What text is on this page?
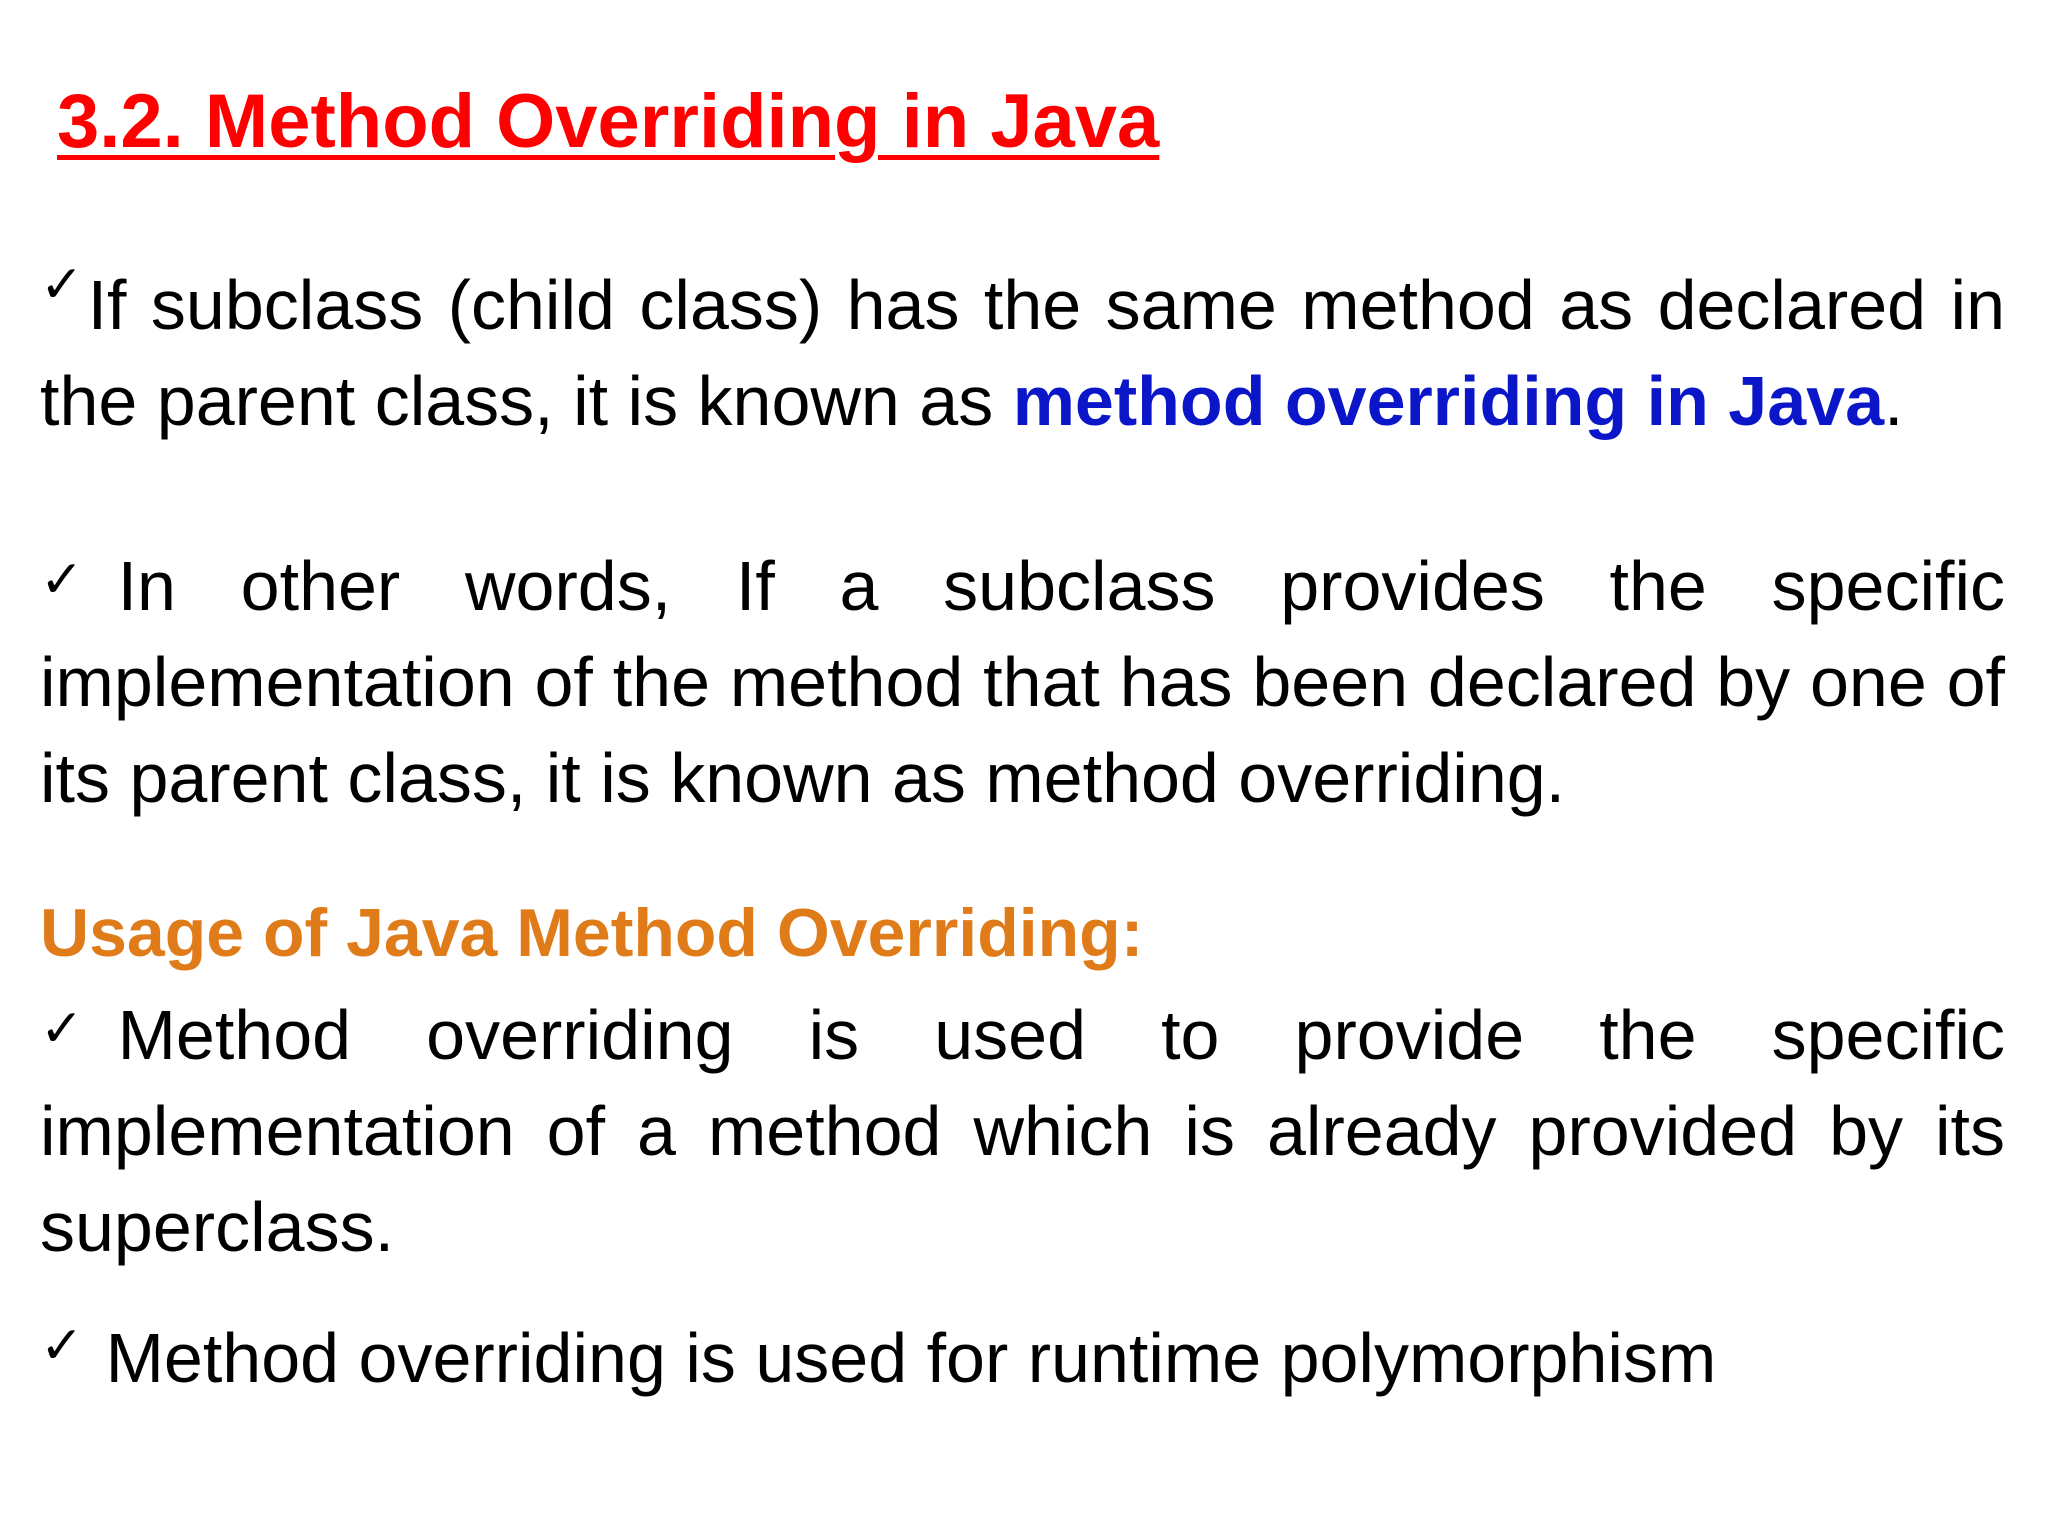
3.2. Method Overriding in Java
✓If subclass (child class) has the same method as declared in the parent class, it is known as method overriding in Java.
✓ In other words, If a subclass provides the specific implementation of the method that has been declared by one of its parent class, it is known as method overriding.
Usage of Java Method Overriding:
✓ Method overriding is used to provide the specific implementation of a method which is already provided by its superclass.
✓ Method overriding is used for runtime polymorphism
